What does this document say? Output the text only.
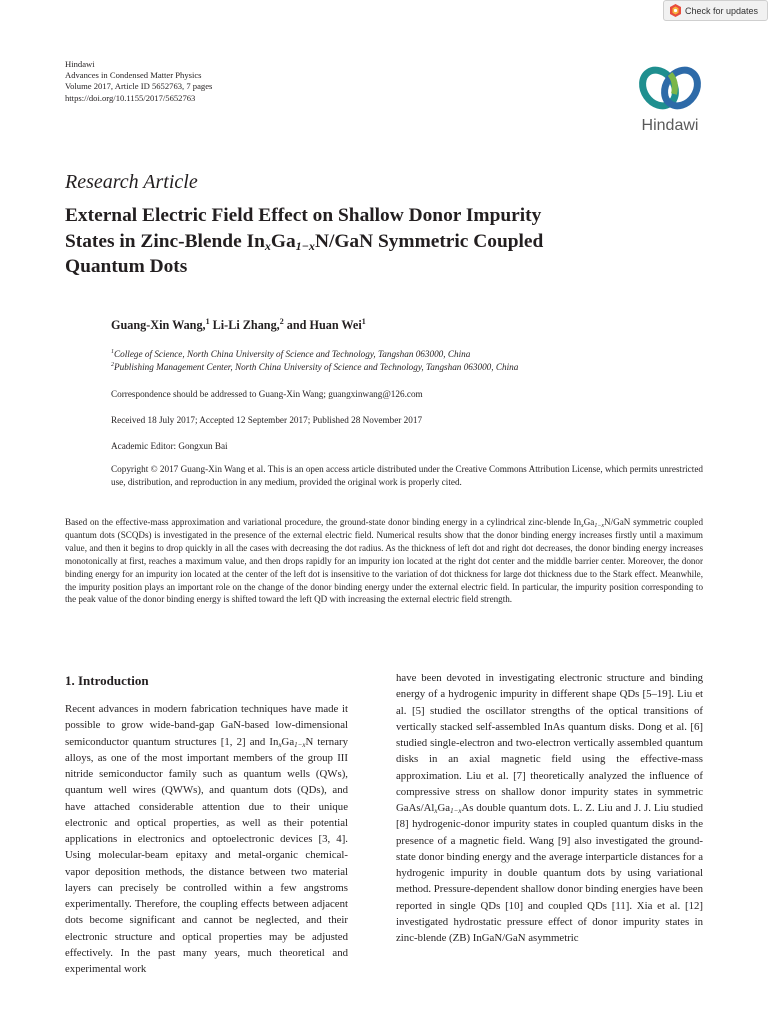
Check for updates
Hindawi
Advances in Condensed Matter Physics
Volume 2017, Article ID 5652763, 7 pages
https://doi.org/10.1155/2017/5652763
Hindawi
Research Article
External Electric Field Effect on Shallow Donor Impurity
States in Zinc-Blende $In_xGa_{1-x}N$/GaN Symmetric Coupled
Quantum Dots
Guang-Xin Wang,$^1$ Li-Li Zhang,$^2$ and Huan Wei$^1$
$^1$College of Science, North China University of Science and Technology, Tangshan 063000, China
$^2$Publishing Management Center, North China University of Science and Technology, Tangshan 063000, China
Correspondence should be addressed to Guang-Xin Wang; guangxinwang@126.com
Received 18 July 2017; Accepted 12 September 2017; Published 28 November 2017
Academic Editor: Gongxun Bai
Copyright © 2017 Guang-Xin Wang et al. This is an open access article distributed under the Creative Commons Attribution License, which permits unrestricted use, distribution, and reproduction in any medium, provided the original work is properly cited.
Based on the effective-mass approximation and variational procedure, the ground-state donor binding energy in a cylindrical zinc-blende $In_xGa_{1-x}N$/GaN symmetric coupled quantum dots (SCQDs) is investigated in the presence of the external electric field. Numerical results show that the donor binding energy increases firstly until a maximum value, and then it begins to drop quickly in all the cases with decreasing the dot radius. As the thickness of left dot and right dot decreases, the donor binding energy increases monotonically at first, reaches a maximum value, and then drops rapidly for an impurity ion located at the right dot center and the middle barrier center. Moreover, the donor binding energy for an impurity ion located at the center of the left dot is insensitive to the variation of dot thickness for large dot thickness due to the Stark effect. Meanwhile, the impurity position plays an important role on the change of the donor binding energy under the external electric field. In particular, the impurity position corresponding to the peak value of the donor binding energy is shifted toward the left QD with increasing the external electric field strength.
1. Introduction
Recent advances in modern fabrication techniques have made it possible to grow wide-band-gap GaN-based low-dimensional semiconductor quantum structures [1, 2] and $In_xGa_{1-x}N$ ternary alloys, as one of the most important members of the group III nitride semiconductor family such as quantum wells (QWs), quantum well wires (QWWs), and quantum dots (QDs), and have attached considerable attention due to their unique electronic and optical properties, as well as their potential applications in electronics and optoelectronic devices [3, 4]. Using molecular-beam epitaxy and metal-organic chemical-vapor deposition methods, the distance between two material layers can precisely be controlled within a few angstroms experimentally. Therefore, the coupling effects between adjacent dots become significant and cannot be neglected, and their electronic structure and optical properties may be adjusted effectively. In the past many years, much theoretical and experimental work
have been devoted in investigating electronic structure and binding energy of a hydrogenic impurity in different shape QDs [5–19]. Liu et al. [5] studied the oscillator strengths of the optical transitions of vertically stacked self-assembled InAs quantum disks. Dong et al. [6] studied single-electron and two-electron vertically assembled quantum disks in an axial magnetic field using the effective-mass approximation. Liu et al. [7] theoretically analyzed the influence of compressive stress on shallow donor impurity states in symmetric GaAs/$Al_xGa_{1-x}As$ double quantum dots. L. Z. Liu and J. J. Liu studied [8] hydrogenic-donor impurity states in coupled quantum disks in the presence of a magnetic field. Wang [9] also investigated the ground-state donor binding energy and the average interparticle distances for a hydrogenic impurity in double quantum dots by using variational method. Pressure-dependent shallow donor binding energies have been reported in single QDs [10] and coupled QDs [11]. Xia et al. [12] investigated hydrostatic pressure effect of donor impurity states in zinc-blende (ZB) InGaN/GaN asymmetric
